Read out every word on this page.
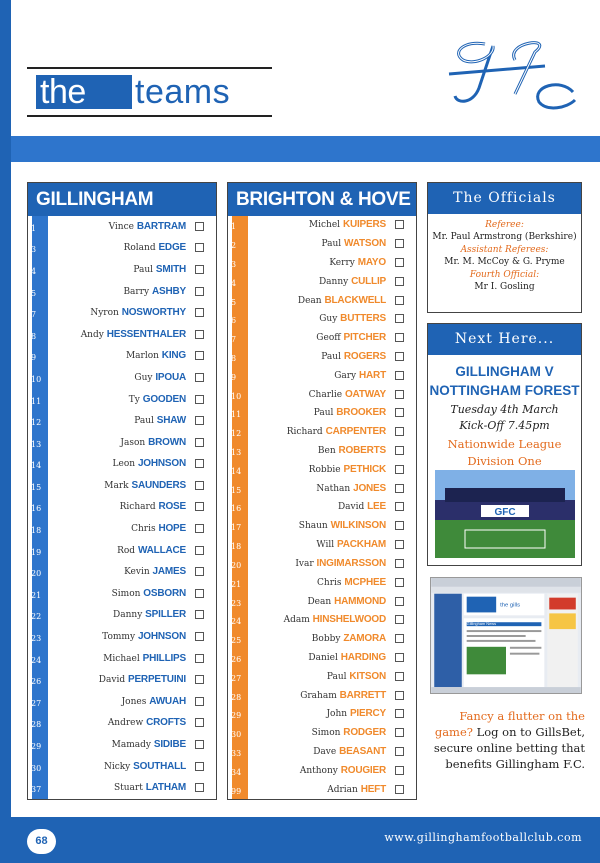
the	teams
GILLINGHAM
1	Vince BARTRAM
3	Roland EDGE
4	Paul SMITH
5	Barry ASHBY
7	Nyron NOSWORTHY
8	Andy HESSENTHALER
9	Marlon KING
10	Guy IPOUA
11	Ty GOODEN
12	Paul SHAW
13	Jason BROWN
14	Leon JOHNSON
15	Mark SAUNDERS
16	Richard ROSE
18	Chris HOPE
19	Rod WALLACE
20	Kevin JAMES
21	Simon OSBORN
22	Danny SPILLER
23	Tommy JOHNSON
24	Michael PHILLIPS
26	David PERPETUINI
27	Jones AWUAH
28	Andrew CROFTS
29	Mamady SIDIBE
30	Nicky SOUTHALL
37	Stuart LATHAM
BRIGHTON & HOVE
1	Michel KUIPERS
2	Paul WATSON
3	Kerry MAYO
4	Danny CULLIP
5	Dean BLACKWELL
6	Guy BUTTERS
7	Geoff PITCHER
8	Paul ROGERS
9	Gary HART
10	Charlie OATWAY
11	Paul BROOKER
12	Richard CARPENTER
13	Ben ROBERTS
14	Robbie PETHICK
15	Nathan JONES
16	David LEE
17	Shaun WILKINSON
18	Will PACKHAM
20	Ivar INGIMARSSON
21	Chris MCPHEE
23	Dean HAMMOND
24	Adam HINSHELWOOD
25	Bobby ZAMORA
26	Daniel HARDING
27	Paul KITSON
28	Graham BARRETT
29	John PIERCY
30	Simon RODGER
33	Dave BEASANT
34	Anthony ROUGIER
99	Adrian HEFT
The Officials
Referee:
Mr. Paul Armstrong (Berkshire)
Assistant Referees:
Mr. M. McCoy & G. Pryme
Fourth Official:
Mr I. Gosling
Next Here...
GILLINGHAM V
NOTTINGHAM FOREST
Tuesday 4th March
Kick-Off 7.45pm
Nationwide League
Division One
GFC
the gills
Gillingham News
Fancy a flutter on the game? Log on to GillsBet, secure online betting that benefits Gillingham F.C.
68	www.gillinghamfootballclub.com
